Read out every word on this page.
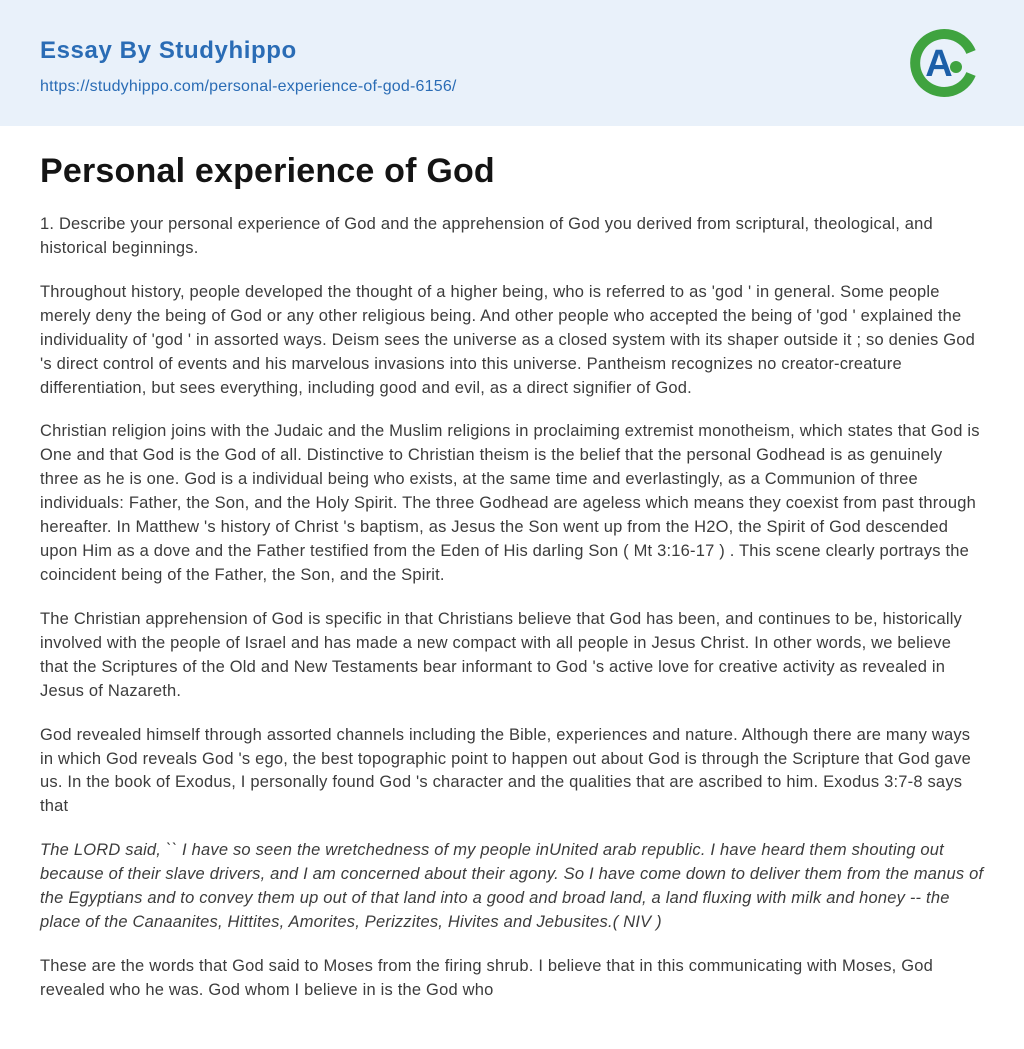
Essay By Studyhippo
https://studyhippo.com/personal-experience-of-god-6156/
A
Personal experience of God

1. Describe your personal experience of God and the apprehension of God you derived from scriptural, theological, and historical beginnings.

Throughout history, people developed the thought of a higher being, who is referred to as 'god ' in general. Some people merely deny the being of God or any other religious being. And other people who accepted the being of 'god ' explained the individuality of 'god ' in assorted ways. Deism sees the universe as a closed system with its shaper outside it ; so denies God 's direct control of events and his marvelous invasions into this universe. Pantheism recognizes no creator-creature differentiation, but sees everything, including good and evil, as a direct signifier of God.

Christian religion joins with the Judaic and the Muslim religions in proclaiming extremist monotheism, which states that God is One and that God is the God of all. Distinctive to Christian theism is the belief that the personal Godhead is as genuinely three as he is one. God is a individual being who exists, at the same time and everlastingly, as a Communion of three individuals: Father, the Son, and the Holy Spirit. The three Godhead are ageless which means they coexist from past through hereafter. In Matthew 's history of Christ 's baptism, as Jesus the Son went up from the H2O, the Spirit of God descended upon Him as a dove and the Father testified from the Eden of His darling Son ( Mt 3:16-17 ) . This scene clearly portrays the coincident being of the Father, the Son, and the Spirit.

The Christian apprehension of God is specific in that Christians believe that God has been, and continues to be, historically involved with the people of Israel and has made a new compact with all people in Jesus Christ. In other words, we believe that the Scriptures of the Old and New Testaments bear informant to God 's active love for creative activity as revealed in Jesus of Nazareth.

God revealed himself through assorted channels including the Bible, experiences and nature. Although there are many ways in which God reveals God 's ego, the best topographic point to happen out about God is through the Scripture that God gave us. In the book of Exodus, I personally found God 's character and the qualities that are ascribed to him. Exodus 3:7-8 says that

The LORD said, `` I have so seen the wretchedness of my people inUnited arab republic. I have heard them shouting out because of their slave drivers, and I am concerned about their agony. So I have come down to deliver them from the manus of the Egyptians and to convey them up out of that land into a good and broad land, a land fluxing with milk and honey -- the place of the Canaanites, Hittites, Amorites, Perizzites, Hivites and Jebusites.( NIV )

These are the words that God said to Moses from the firing shrub. I believe that in this communicating with Moses, God revealed who he was. God whom I believe in is the God who
